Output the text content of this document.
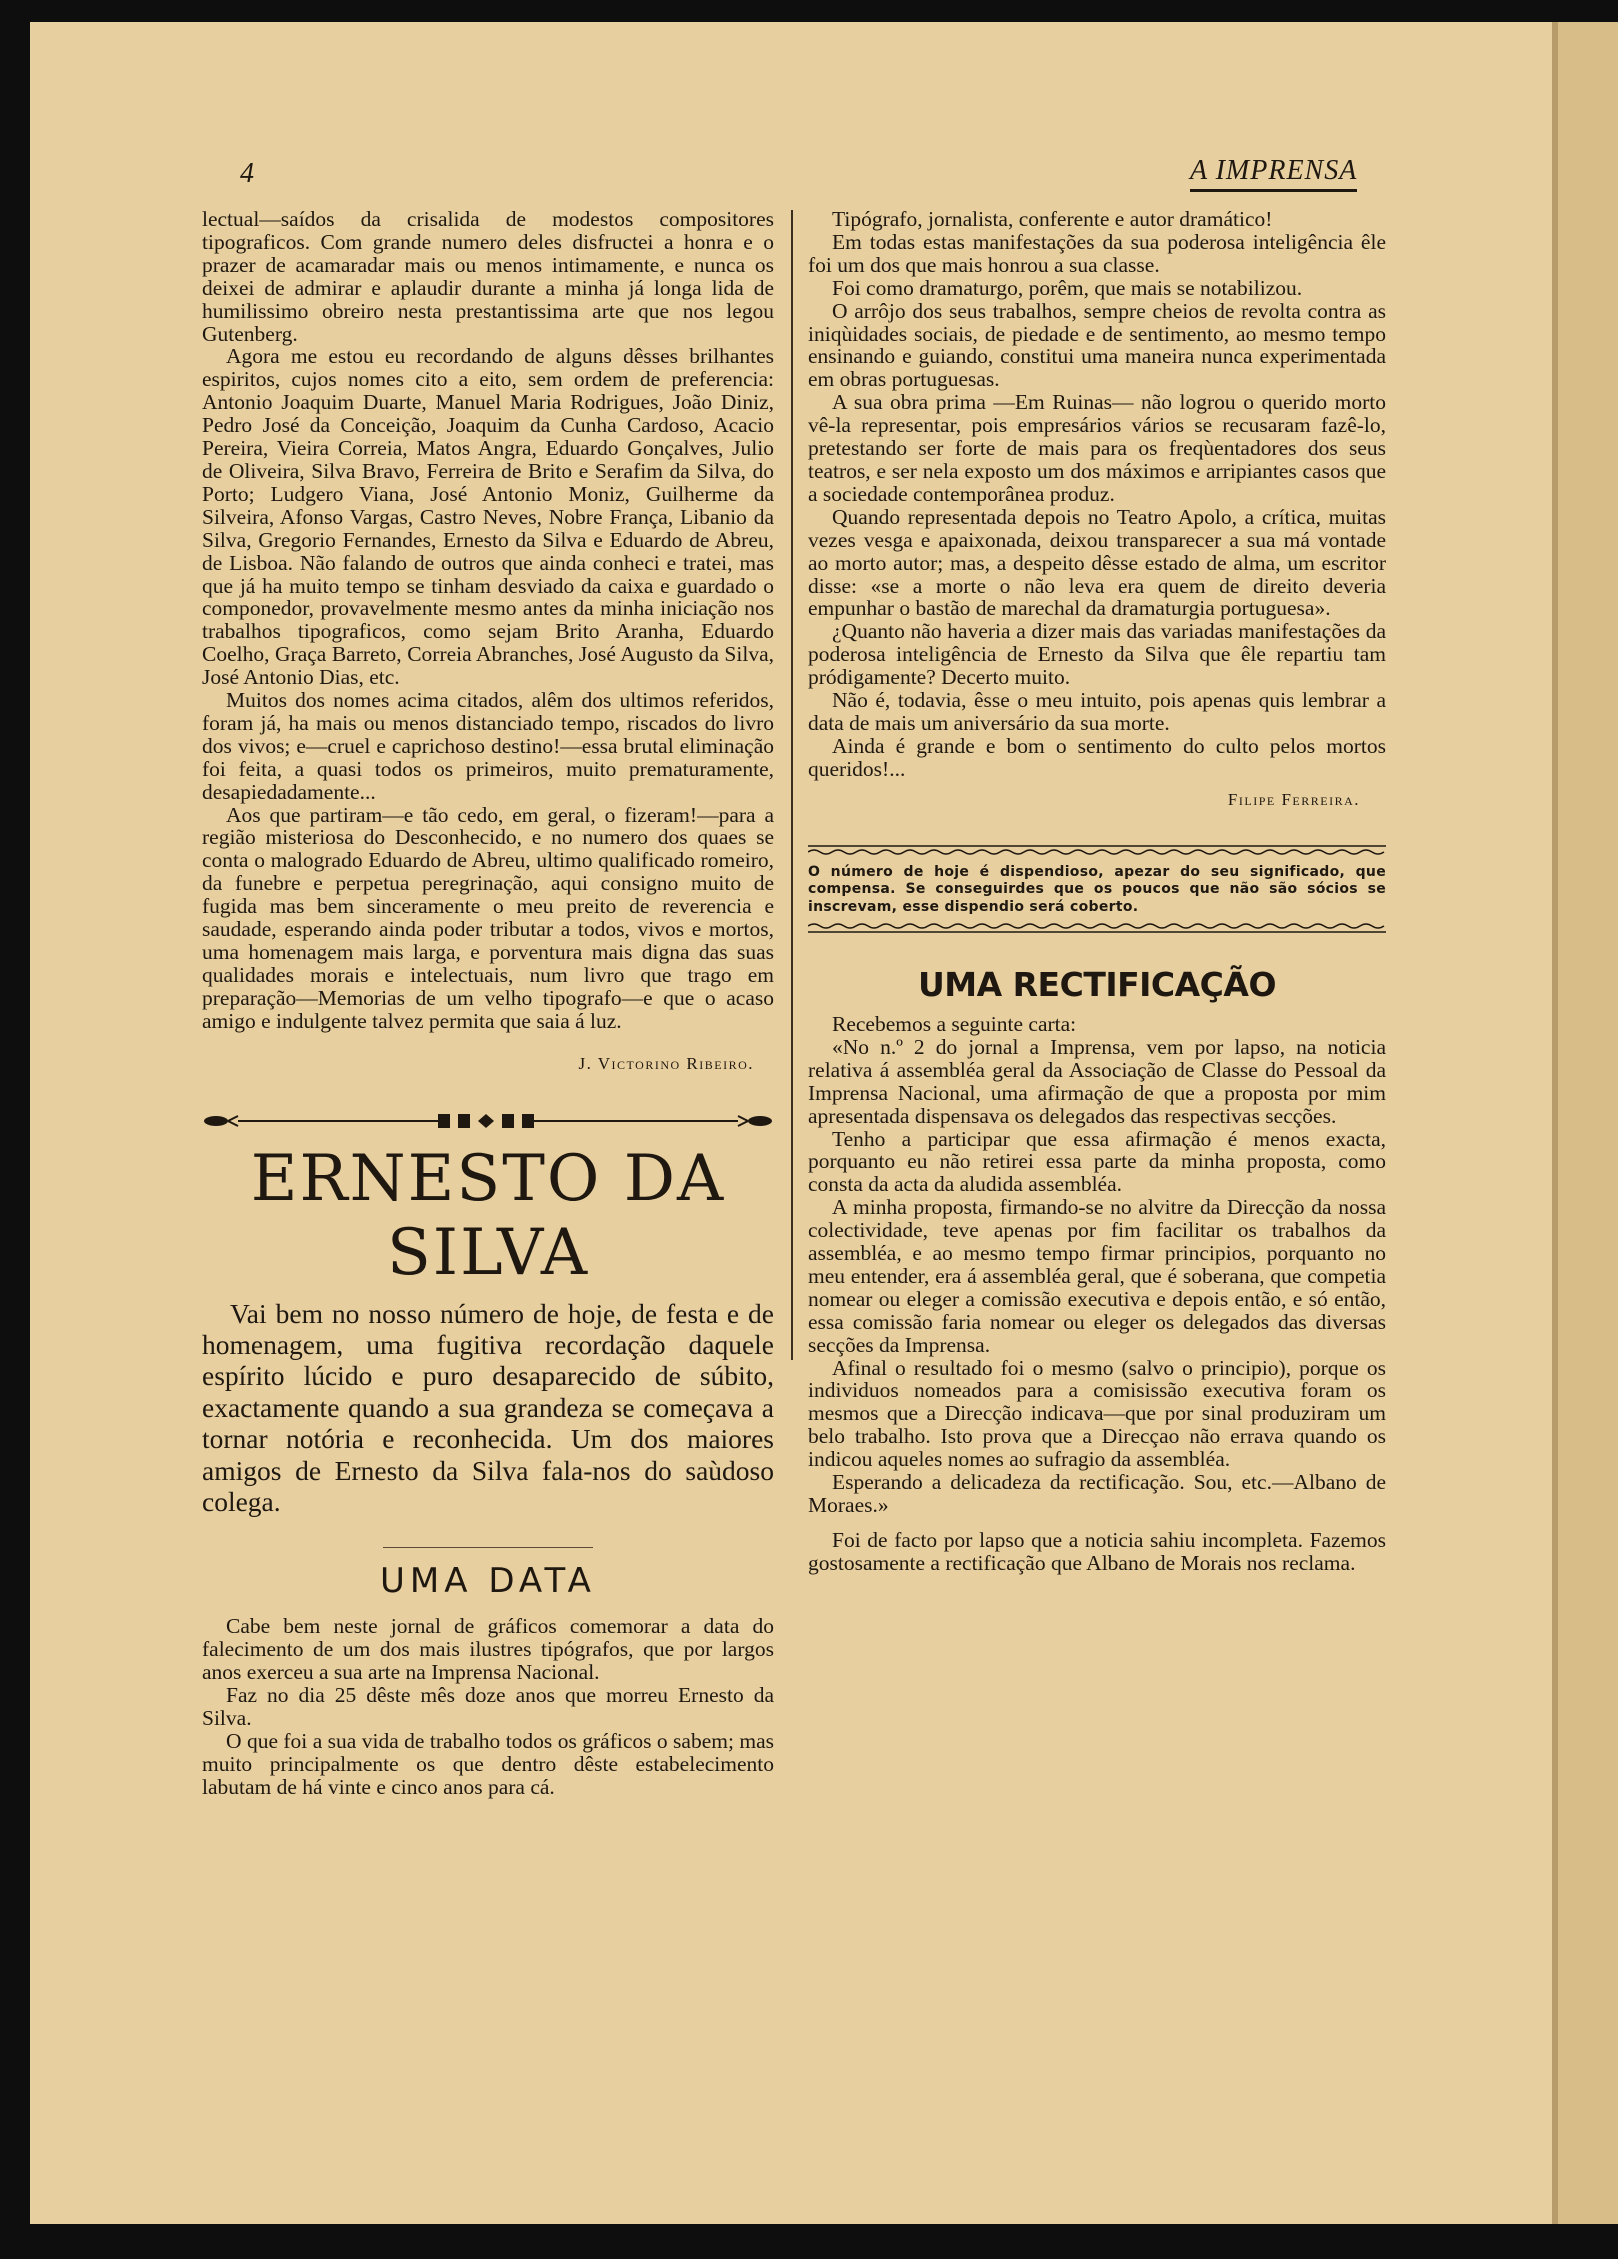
4	A IMPRENSA

lectual—saídos da crisalida de modestos compositores tipograficos. Com grande numero deles disfructei a honra e o prazer de acamaradar mais ou menos intimamente, e nunca os deixei de admirar e aplaudir durante a minha já longa lida de humilissimo obreiro nesta prestantissima arte que nos legou Gutenberg.

Agora me estou eu recordando de alguns dêsses brilhantes espiritos, cujos nomes cito a eito, sem ordem de preferencia: Antonio Joaquim Duarte, Manuel Maria Rodrigues, João Diniz, Pedro José da Conceição, Joaquim da Cunha Cardoso, Acacio Pereira, Vieira Correia, Matos Angra, Eduardo Gonçalves, Julio de Oliveira, Silva Bravo, Ferreira de Brito e Serafim da Silva, do Porto; Ludgero Viana, José Antonio Moniz, Guilherme da Silveira, Afonso Vargas, Castro Neves, Nobre França, Libanio da Silva, Gregorio Fernandes, Ernesto da Silva e Eduardo de Abreu, de Lisboa. Não falando de outros que ainda conheci e tratei, mas que já ha muito tempo se tinham desviado da caixa e guardado o componedor, provavelmente mesmo antes da minha iniciação nos trabalhos tipograficos, como sejam Brito Aranha, Eduardo Coelho, Graça Barreto, Correia Abranches, José Augusto da Silva, José Antonio Dias, etc.

Muitos dos nomes acima citados, alêm dos ultimos referidos, foram já, ha mais ou menos distanciado tempo, riscados do livro dos vivos; e—cruel e caprichoso destino!—essa brutal eliminação foi feita, a quasi todos os primeiros, muito prematuramente, desapiedadamente...

Aos que partiram—e tão cedo, em geral, o fizeram!—para a região misteriosa do Desconhecido, e no numero dos quaes se conta o malogrado Eduardo de Abreu, ultimo qualificado romeiro, da funebre e perpetua peregrinação, aqui consigno muito de fugida mas bem sinceramente o meu preito de reverencia e saudade, esperando ainda poder tributar a todos, vivos e mortos, uma homenagem mais larga, e porventura mais digna das suas qualidades morais e intelectuais, num livro que trago em preparação—Memorias de um velho tipografo—e que o acaso amigo e indulgente talvez permita que saia á luz.

J. Victorino Ribeiro.
ERNESTO DA SILVA

Vai bem no nosso número de hoje, de festa e de homenagem, uma fugitiva recordação daquele espírito lúcido e puro desaparecido de súbito, exactamente quando a sua grandeza se começava a tornar notória e reconhecida. Um dos maiores amigos de Ernesto da Silva fala-nos do saùdoso colega.

UMA DATA

Cabe bem neste jornal de gráficos comemorar a data do falecimento de um dos mais ilustres tipógrafos, que por largos anos exerceu a sua arte na Imprensa Nacional.

Faz no dia 25 dêste mês doze anos que morreu Ernesto da Silva.

O que foi a sua vida de trabalho todos os gráficos o sabem; mas muito principalmente os que dentro dêste estabelecimento labutam de há vinte e cinco anos para cá.

Tipógrafo, jornalista, conferente e autor dramático!

Em todas estas manifestações da sua poderosa inteligência êle foi um dos que mais honrou a sua classe.

Foi como dramaturgo, porêm, que mais se notabilizou.

O arrôjo dos seus trabalhos, sempre cheios de revolta contra as iniqùidades sociais, de piedade e de sentimento, ao mesmo tempo ensinando e guiando, constitui uma maneira nunca experimentada em obras portuguesas.

A sua obra prima —Em Ruinas— não logrou o querido morto vê-la representar, pois empresários vários se recusaram fazê-lo, pretestando ser forte de mais para os freqùentadores dos seus teatros, e ser nela exposto um dos máximos e arripiantes casos que a sociedade contemporânea produz.

Quando representada depois no Teatro Apolo, a crítica, muitas vezes vesga e apaixonada, deixou transparecer a sua má vontade ao morto autor; mas, a despeito dêsse estado de alma, um escritor disse: «se a morte o não leva era quem de direito deveria empunhar o bastão de marechal da dramaturgia portuguesa».

¿Quanto não haveria a dizer mais das variadas manifestações da poderosa inteligência de Ernesto da Silva que êle repartiu tam pródigamente? Decerto muito.

Não é, todavia, êsse o meu intuito, pois apenas quis lembrar a data de mais um aniversário da sua morte.

Ainda é grande e bom o sentimento do culto pelos mortos queridos!...

Filipe Ferreira.

O número de hoje é dispendioso, apezar do seu significado, que compensa. Se conseguirdes que os poucos que não são sócios se inscrevam, esse dispendio será coberto.

UMA RECTIFICAÇÃO

Recebemos a seguinte carta:

«No n.º 2 do jornal a Imprensa, vem por lapso, na noticia relativa á assembléa geral da Associação de Classe do Pessoal da Imprensa Nacional, uma afirmação de que a proposta por mim apresentada dispensava os delegados das respectivas secções.

Tenho a participar que essa afirmação é menos exacta, porquanto eu não retirei essa parte da minha proposta, como consta da acta da aludida assembléa.

A minha proposta, firmando-se no alvitre da Direcção da nossa colectividade, teve apenas por fim facilitar os trabalhos da assembléa, e ao mesmo tempo firmar principios, porquanto no meu entender, era á assembléa geral, que é soberana, que competia nomear ou eleger a comissão executiva e depois então, e só então, essa comissão faria nomear ou eleger os delegados das diversas secções da Imprensa.

Afinal o resultado foi o mesmo (salvo o principio), porque os individuos nomeados para a comisissão executiva foram os mesmos que a Direcção indicava—que por sinal produziram um belo trabalho. Isto prova que a Direcçao não errava quando os indicou aqueles nomes ao sufragio da assembléa.

Esperando a delicadeza da rectificação. Sou, etc.—Albano de Moraes.»

Foi de facto por lapso que a noticia sahiu incompleta. Fazemos gostosamente a rectificação que Albano de Morais nos reclama.
